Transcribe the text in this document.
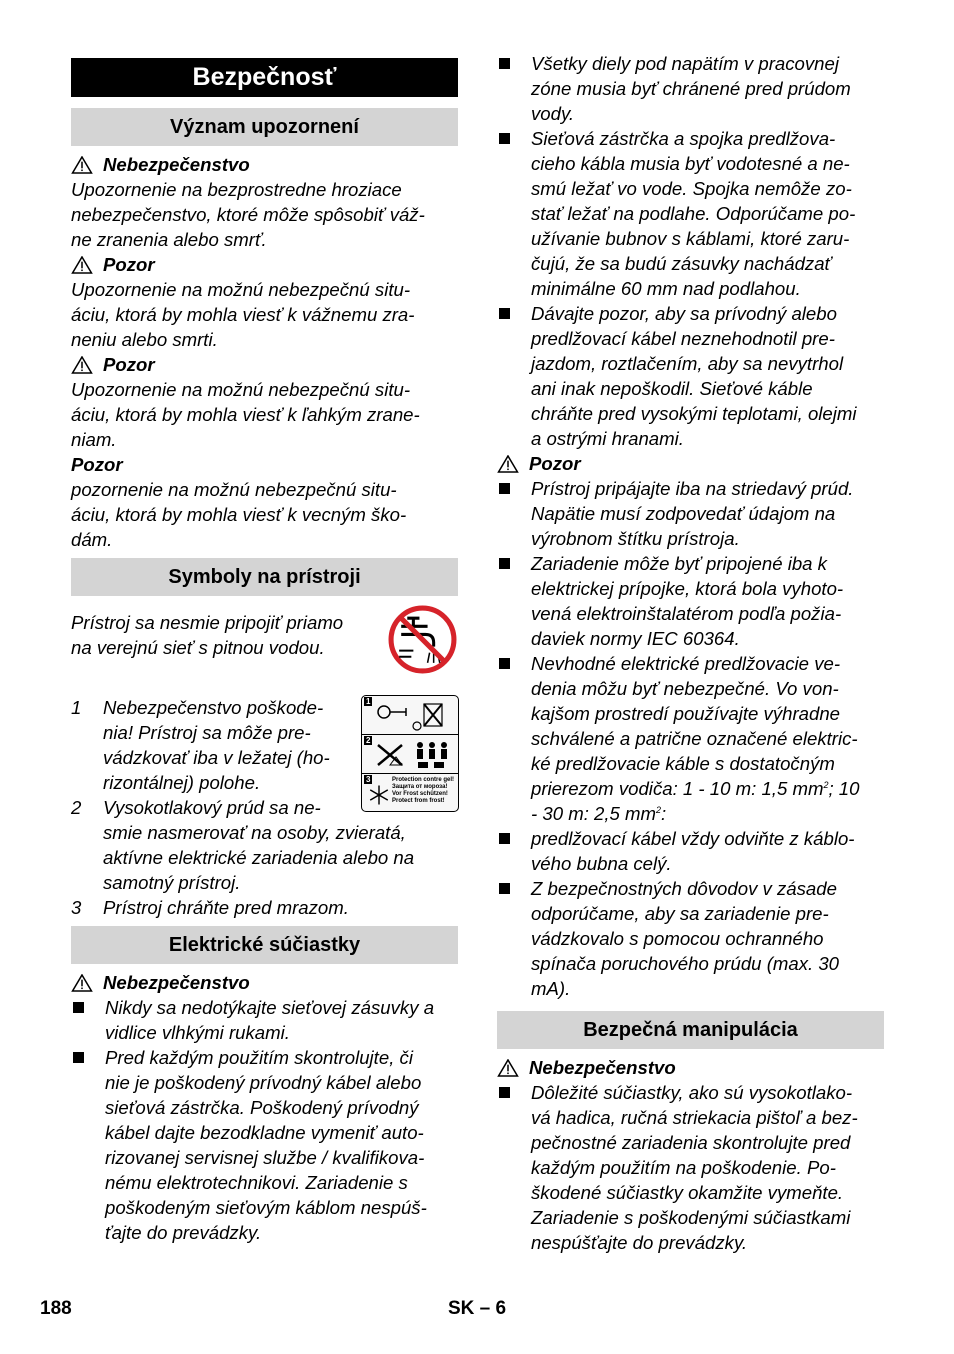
Bezpečnosť
Význam upozornení
Nebezpečenstvo
Upozornenie na bezprostredne hroziace
nebezpečenstvo, ktoré môže spôsobiť váž-
ne zranenia alebo smrť.
Pozor
Upozornenie na možnú nebezpečnú situ-
áciu, ktorá by mohla viesť k vážnemu zra-
neniu alebo smrti.
Pozor
Upozornenie na možnú nebezpečnú situ-
áciu, ktorá by mohla viesť k ľahkým zrane-
niam.
Pozor
pozornenie na možnú nebezpečnú situ-
áciu, ktorá by mohla viesť k vecným ško-
dám.
Symboly na prístroji
Prístroj sa nesmie pripojiť priamo
na verejnú sieť s pitnou vodou.
1
2
3	Protection contre gel!
Защита от мороза!
Vor Frost schützen!
Protect from frost!
1	Nebezpečenstvo poškode-
nia! Prístroj sa môže pre-
vádzkovať iba v ležatej (ho-
rizontálnej) polohe.
2	Vysokotlakový prúd sa ne-
smie nasmerovať na osoby, zvieratá,
aktívne elektrické zariadenia alebo na
samotný prístroj.
3	Prístroj chráňte pred mrazom.
Elektrické súčiastky
Nebezpečenstvo
Nikdy sa nedotýkajte sieťovej zásuvky a
vidlice vlhkými rukami.
Pred každým použitím skontrolujte, či
nie je poškodený prívodný kábel alebo
sieťová zástrčka. Poškodený prívodný
kábel dajte bezodkladne vymeniť auto-
rizovanej servisnej službe / kvalifikova-
nému elektrotechnikovi. Zariadenie s
poškodeným sieťovým káblom nespúš-
ťajte do prevádzky.
Všetky diely pod napätím v pracovnej
zóne musia byť chránené pred prúdom
vody.
Sieťová zástrčka a spojka predlžova-
cieho kábla musia byť vodotesné a ne-
smú ležať vo vode. Spojka nemôže zo-
stať ležať na podlahe. Odporúčame po-
užívanie bubnov s káblami, ktoré zaru-
čujú, že sa budú zásuvky nachádzať
minimálne 60 mm nad podlahou.
Dávajte pozor, aby sa prívodný alebo
predlžovací kábel neznehodnotil pre-
jazdom, roztlačením, aby sa nevytrhol
ani inak nepoškodil. Sieťové káble
chráňte pred vysokými teplotami, olejmi
a ostrými hranami.
Pozor
Prístroj pripájajte iba na striedavý prúd.
Napätie musí zodpovedať údajom na
výrobnom štítku prístroja.
Zariadenie môže byť pripojené iba k
elektrickej prípojke, ktorá bola vyhoto-
vená elektroinštalatérom podľa požia-
daviek normy IEC 60364.
Nevhodné elektrické predlžovacie ve-
denia môžu byť nebezpečné. Vo von-
kajšom prostredí používajte výhradne
schválené a patrične označené elektric-
ké predlžovacie káble s dostatočným
prierezom vodiča: 1 - 10 m: 1,5 $mm^2$; 10
- 30 m: 2,5 $mm^2$:
predlžovací kábel vždy odviňte z káblo-
vého bubna celý.
Z bezpečnostných dôvodov v zásade
odporúčame, aby sa zariadenie pre-
vádzkovalo s pomocou ochranného
spínača poruchového prúdu (max. 30
mA).
Bezpečná manipulácia
Nebezpečenstvo
Dôležité súčiastky, ako sú vysokotlako-
vá hadica, ručná striekacia pištoľ a bez-
pečnostné zariadenia skontrolujte pred
každým použitím na poškodenie. Po-
škodené súčiastky okamžite vymeňte.
Zariadenie s poškodenými súčiastkami
nespúšťajte do prevádzky.
188	SK – 6
